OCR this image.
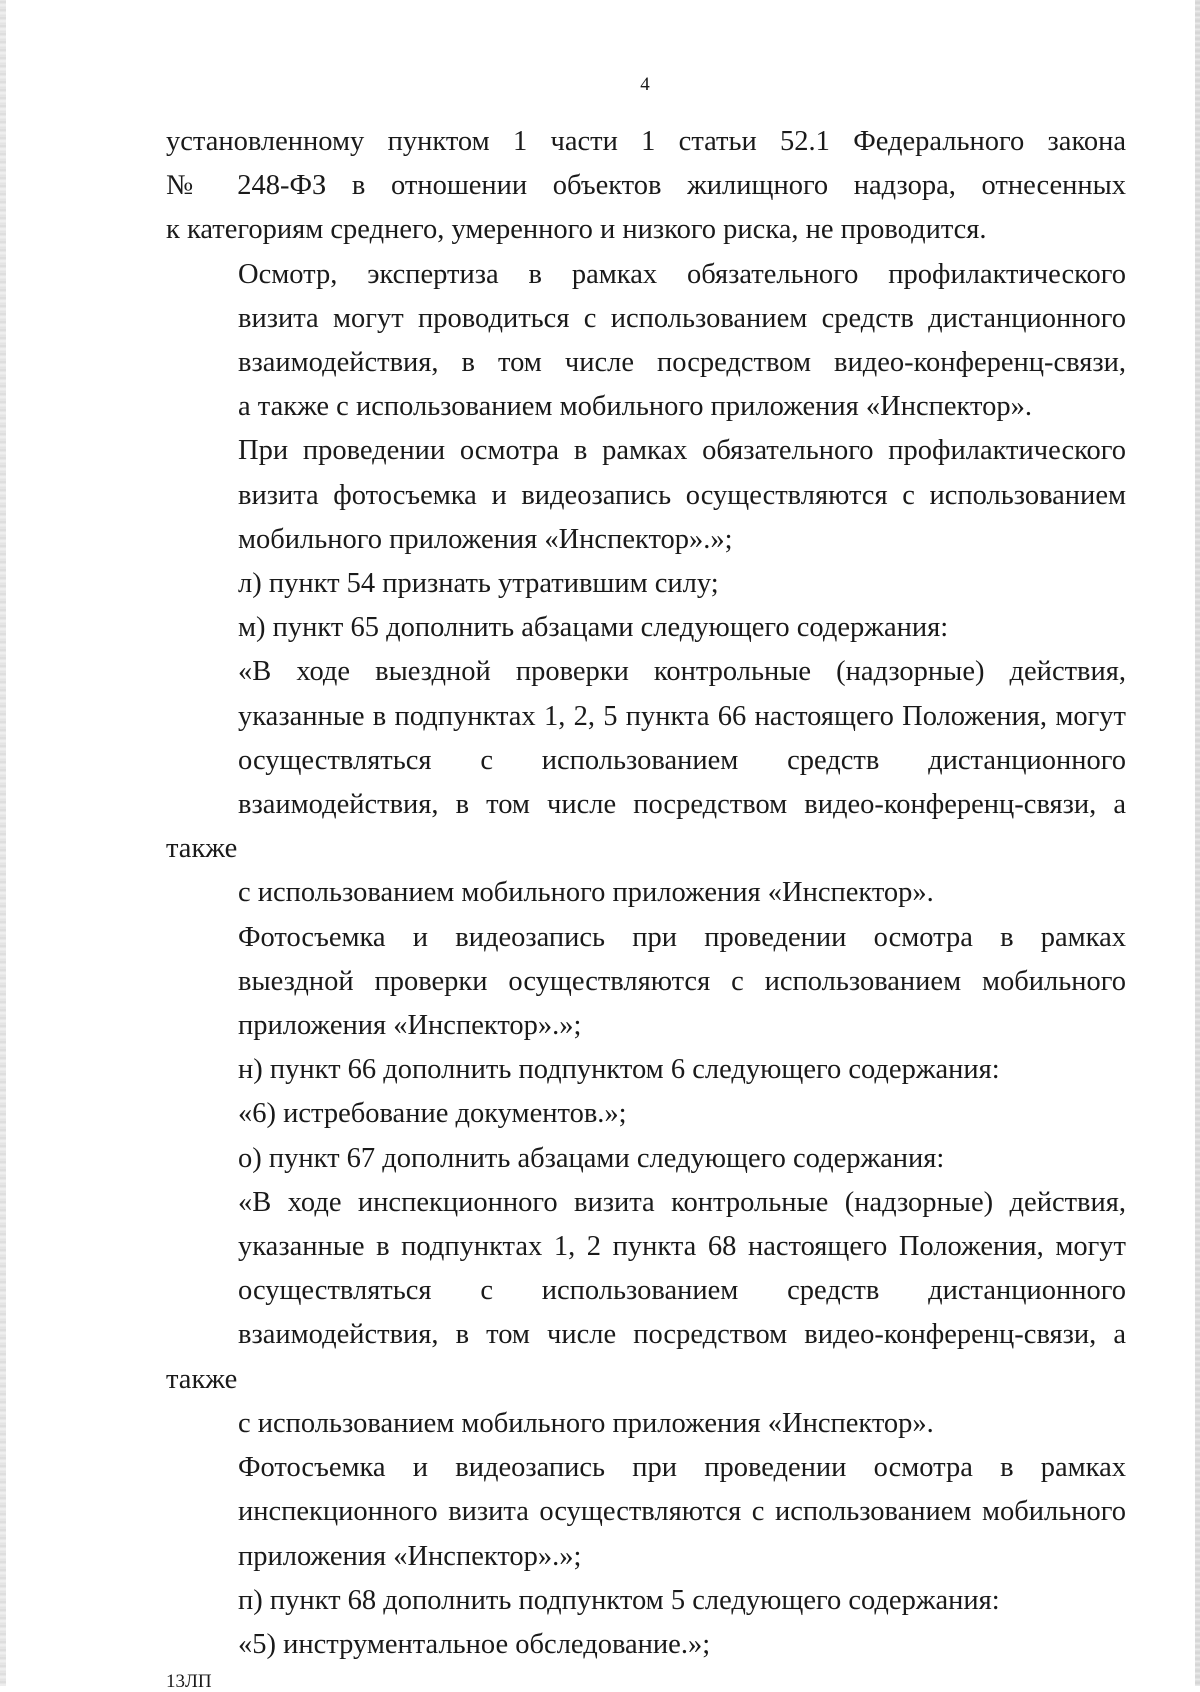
4

установленному пунктом 1 части 1 статьи 52.1 Федерального закона
№ 248-ФЗ в отношении объектов жилищного надзора, отнесенных
к категориям среднего, умеренного и низкого риска, не проводится.

Осмотр, экспертиза в рамках обязательного профилактического
визита могут проводиться с использованием средств дистанционного
взаимодействия, в том числе посредством видео-конференц-связи,
а также с использованием мобильного приложения «Инспектор».

При проведении осмотра в рамках обязательного профилактического
визита фотосъемка и видеозапись осуществляются с использованием
мобильного приложения «Инспектор».»;

л) пункт 54 признать утратившим силу;

м) пункт 65 дополнить абзацами следующего содержания:

«В ходе выездной проверки контрольные (надзорные) действия,
указанные в подпунктах 1, 2, 5 пункта 66 настоящего Положения, могут
осуществляться с использованием средств дистанционного
взаимодействия, в том числе посредством видео-конференц-связи, а также
с использованием мобильного приложения «Инспектор».

Фотосъемка и видеозапись при проведении осмотра в рамках
выездной проверки осуществляются с использованием мобильного
приложения «Инспектор».»;

н) пункт 66 дополнить подпунктом 6 следующего содержания:

«6) истребование документов.»;

о) пункт 67 дополнить абзацами следующего содержания:

«В ходе инспекционного визита контрольные (надзорные) действия,
указанные в подпунктах 1, 2 пункта 68 настоящего Положения, могут
осуществляться с использованием средств дистанционного
взаимодействия, в том числе посредством видео-конференц-связи, а также
с использованием мобильного приложения «Инспектор».

Фотосъемка и видеозапись при проведении осмотра в рамках
инспекционного визита осуществляются с использованием мобильного
приложения «Инспектор».»;

п) пункт 68 дополнить подпунктом 5 следующего содержания:

«5) инструментальное обследование.»;

13ЛП
